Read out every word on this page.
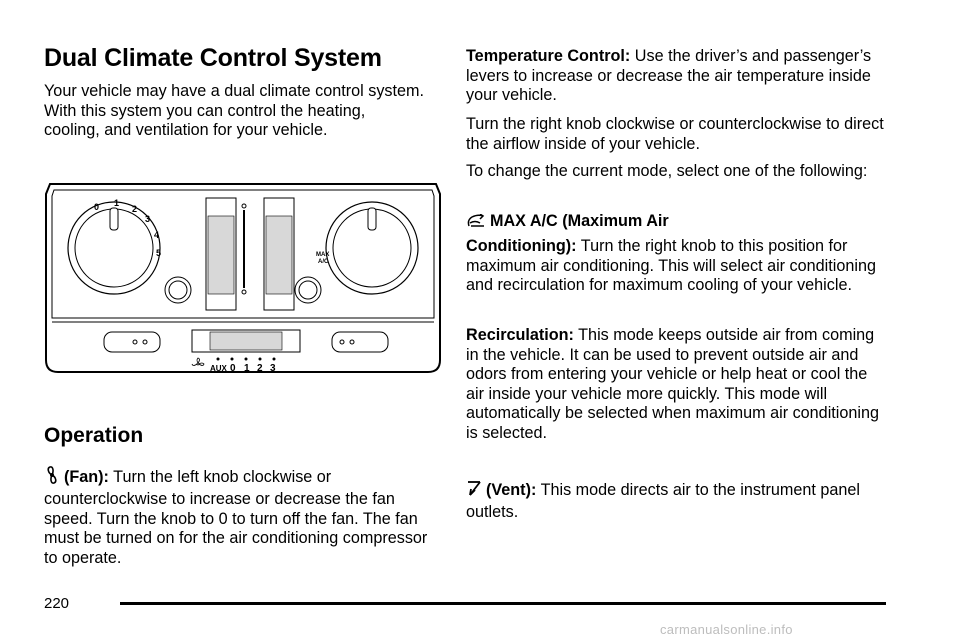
Dual Climate Control System

Your vehicle may have a dual climate control system. With this system you can control the heating, cooling, and ventilation for your vehicle.

0 1
2
3
4
5	MAX
A/C
AUX 0 1 2 3
Operation

(Fan): Turn the left knob clockwise or

counterclockwise to increase or decrease the fan speed. Turn the knob to 0 to turn off the fan. The fan must be turned on for the air conditioning compressor to operate.

Temperature Control: Use the driver’s and passenger’s levers to increase or decrease the air temperature inside your vehicle.

Turn the right knob clockwise or counterclockwise to direct the airflow inside of your vehicle.

To change the current mode, select one of the following:

MAX A/C (Maximum Air

Conditioning): Turn the right knob to this position for maximum air conditioning. This will select air conditioning and recirculation for maximum cooling of your vehicle.

Recirculation: This mode keeps outside air from coming in the vehicle. It can be used to prevent outside air and odors from entering your vehicle or help heat or cool the air inside your vehicle more quickly. This mode will automatically be selected when maximum air conditioning is selected.

(Vent): This mode directs air to the instrument panel outlets.

220
carmanualsonline.info
